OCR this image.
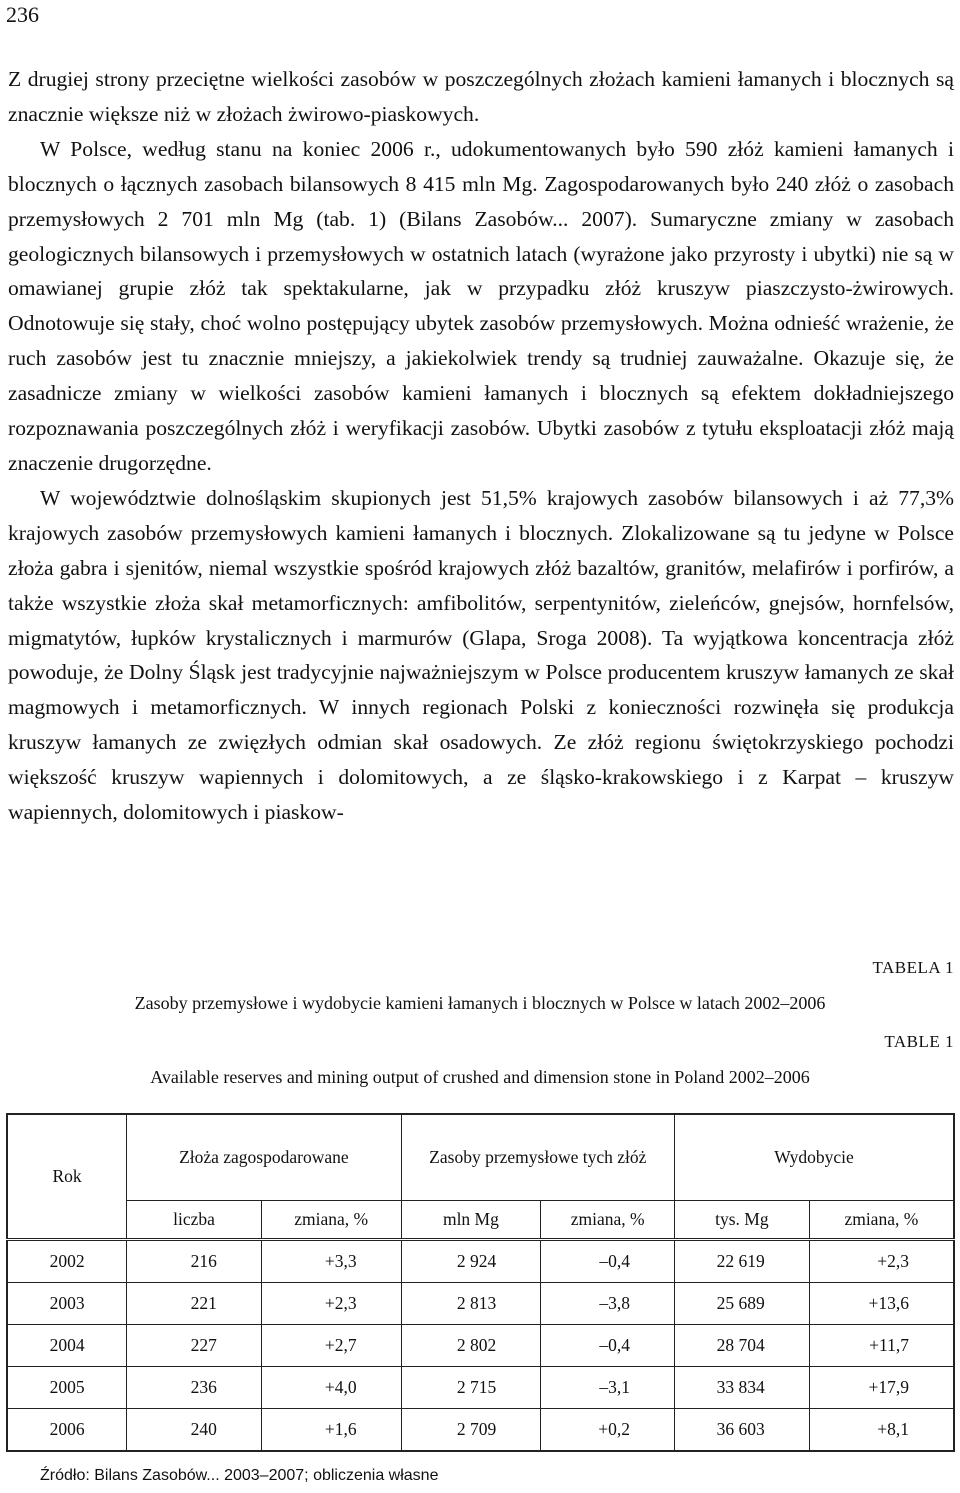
236

Z drugiej strony przeciętne wielkości zasobów w poszczególnych złożach kamieni łamanych i blocznych są znacznie większe niż w złożach żwirowo-piaskowych.

W Polsce, według stanu na koniec 2006 r., udokumentowanych było 590 złóż kamieni łamanych i blocznych o łącznych zasobach bilansowych 8 415 mln Mg. Zagospodarowanych było 240 złóż o zasobach przemysłowych 2 701 mln Mg (tab. 1) (Bilans Zasobów... 2007). Sumaryczne zmiany w zasobach geologicznych bilansowych i przemysłowych w ostatnich latach (wyrażone jako przyrosty i ubytki) nie są w omawianej grupie złóż tak spektakularne, jak w przypadku złóż kruszyw piaszczysto-żwirowych. Odnotowuje się stały, choć wolno postępujący ubytek zasobów przemysłowych. Można odnieść wrażenie, że ruch zasobów jest tu znacznie mniejszy, a jakiekolwiek trendy są trudniej zauważalne. Okazuje się, że zasadnicze zmiany w wielkości zasobów kamieni łamanych i blocznych są efektem dokładniejszego rozpoznawania poszczególnych złóż i weryfikacji zasobów. Ubytki zasobów z tytułu eksploatacji złóż mają znaczenie drugorzędne.

W województwie dolnośląskim skupionych jest 51,5% krajowych zasobów bilansowych i aż 77,3% krajowych zasobów przemysłowych kamieni łamanych i blocznych. Zlokalizowane są tu jedyne w Polsce złoża gabra i sjenitów, niemal wszystkie spośród krajowych złóż bazaltów, granitów, melafirów i porfirów, a także wszystkie złoża skał metamorficznych: amfibolitów, serpentynitów, zieleńców, gnejsów, hornfelsów, migmatytów, łupków krystalicznych i marmurów (Glapa, Sroga 2008). Ta wyjątkowa koncentracja złóż powoduje, że Dolny Śląsk jest tradycyjnie najważniejszym w Polsce producentem kruszyw łamanych ze skał magmowych i metamorficznych. W innych regionach Polski z konieczności rozwinęła się produkcja kruszyw łamanych ze zwięzłych odmian skał osadowych. Ze złóż regionu świętokrzyskiego pochodzi większość kruszyw wapiennych i dolomitowych, a ze śląsko-krakowskiego i z Karpat – kruszyw wapiennych, dolomitowych i piaskow-

TABELA 1
Zasoby przemysłowe i wydobycie kamieni łamanych i blocznych w Polsce w latach 2002–2006
TABLE 1
Available reserves and mining output of crushed and dimension stone in Poland 2002–2006
Rok	Złoża zagospodarowane		Zasoby przemysłowe tych złóż		Wydobycie	
	liczba	zmiana, %	mln Mg	zmiana, %	tys. Mg	zmiana, %
2002	216	+3,3	2 924	–0,4	22 619	+2,3
2003	221	+2,3	2 813	–3,8	25 689	+13,6
2004	227	+2,7	2 802	–0,4	28 704	+11,7
2005	236	+4,0	2 715	–3,1	33 834	+17,9
2006	240	+1,6	2 709	+0,2	36 603	+8,1
Źródło: Bilans Zasobów... 2003–2007; obliczenia własne
